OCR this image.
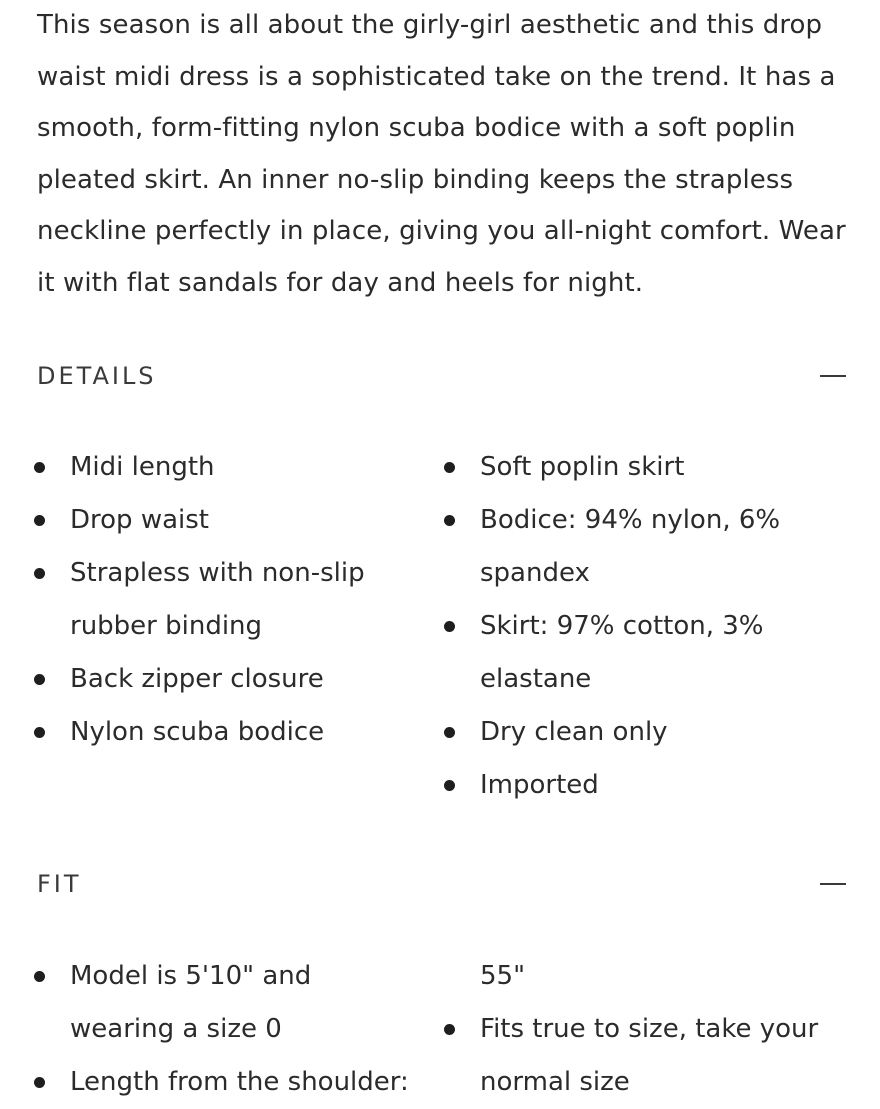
This season is all about the girly-girl aesthetic and this drop waist midi dress is a sophisticated take on the trend. It has a smooth, form-fitting nylon scuba bodice with a soft poplin pleated skirt. An inner no-slip binding keeps the strapless neckline perfectly in place, giving you all-night comfort. Wear it with flat sandals for day and heels for night.

DETAILS
Midi length
Drop waist
Strapless with non-slip rubber binding
Back zipper closure
Nylon scuba bodice
Soft poplin skirt
Bodice: 94% nylon, 6% spandex
Skirt: 97% cotton, 3% elastane
Dry clean only
Imported
FIT
Model is 5'10" and wearing a size 0
Length from the shoulder:
55"
Fits true to size, take your normal size
